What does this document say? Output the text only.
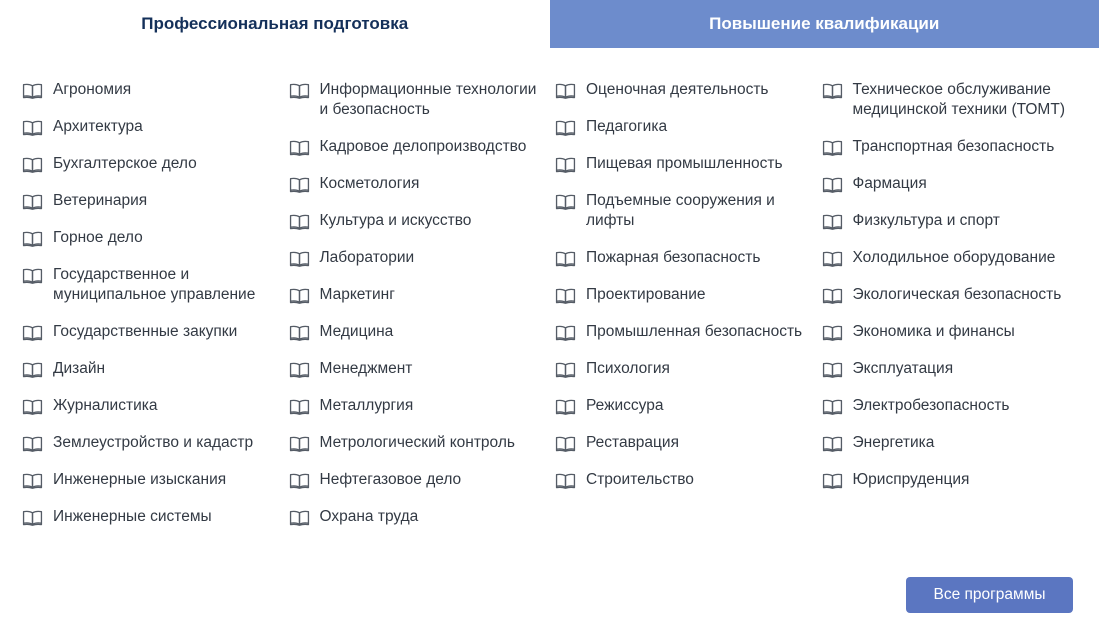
Профессиональная подготовка	Повышение квалификации
Агрономия
Архитектура
Бухгалтерское дело
Ветеринария
Горное дело
Государственное и муниципальное управление
Государственные закупки
Дизайн
Журналистика
Землеустройство и кадастр
Инженерные изыскания
Инженерные системы
Информационные технологии и безопасность
Кадровое делопроизводство
Косметология
Культура и искусство
Лаборатории
Маркетинг
Медицина
Менеджмент
Металлургия
Метрологический контроль
Нефтегазовое дело
Охрана труда
Оценочная деятельность
Педагогика
Пищевая промышленность
Подъемные сооружения и лифты
Пожарная безопасность
Проектирование
Промышленная безопасность
Психология
Режиссура
Реставрация
Строительство
Техническое обслуживание медицинской техники (ТОМТ)
Транспортная безопасность
Фармация
Физкультура и спорт
Холодильное оборудование
Экологическая безопасность
Экономика и финансы
Эксплуатация
Электробезопасность
Энергетика
Юриспруденция
Все программы
